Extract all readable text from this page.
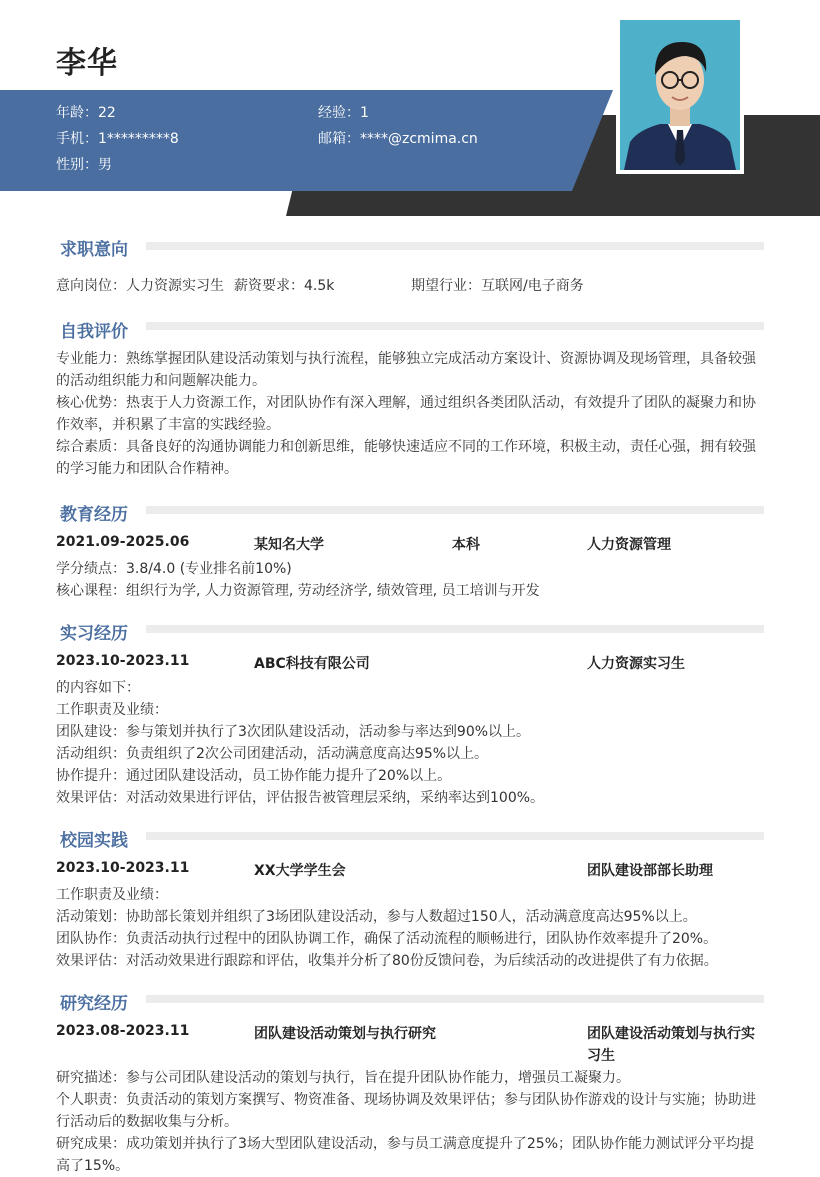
李华
年龄：22	经验：1
手机：1*********8	邮箱：****@zcmima.cn
性别：男
求职意向
意向岗位：人力资源实习生 薪资要求：4.5k	期望行业：互联网/电子商务
自我评价
专业能力：熟练掌握团队建设活动策划与执行流程，能够独立完成活动方案设计、资源协调及现场管理，具备较强的活动组织能力和问题解决能力。
核心优势：热衷于人力资源工作，对团队协作有深入理解，通过组织各类团队活动，有效提升了团队的凝聚力和协作效率，并积累了丰富的实践经验。
综合素质：具备良好的沟通协调能力和创新思维，能够快速适应不同的工作环境，积极主动，责任心强，拥有较强的学习能力和团队合作精神。
教育经历
2021.09-2025.06	某知名大学	本科	人力资源管理
学分绩点：3.8/4.0 (专业排名前10%)
核心课程：组织行为学, 人力资源管理, 劳动经济学, 绩效管理, 员工培训与开发
实习经历
2023.10-2023.11	ABC科技有限公司	人力资源实习生
的内容如下：
工作职责及业绩：
团队建设：参与策划并执行了3次团队建设活动，活动参与率达到90%以上。
活动组织：负责组织了2次公司团建活动，活动满意度高达95%以上。
协作提升：通过团队建设活动，员工协作能力提升了20%以上。
效果评估：对活动效果进行评估，评估报告被管理层采纳，采纳率达到100%。
校园实践
2023.10-2023.11	XX大学学生会	团队建设部部长助理
工作职责及业绩：
活动策划：协助部长策划并组织了3场团队建设活动，参与人数超过150人，活动满意度高达95%以上。
团队协作：负责活动执行过程中的团队协调工作，确保了活动流程的顺畅进行，团队协作效率提升了20%。
效果评估：对活动效果进行跟踪和评估，收集并分析了80份反馈问卷，为后续活动的改进提供了有力依据。
研究经历
2023.08-2023.11	团队建设活动策划与执行研究	团队建设活动策划与执行实习生
研究描述：参与公司团队建设活动的策划与执行，旨在提升团队协作能力，增强员工凝聚力。
个人职责：负责活动的策划方案撰写、物资准备、现场协调及效果评估；参与团队协作游戏的设计与实施；协助进行活动后的数据收集与分析。
研究成果：成功策划并执行了3场大型团队建设活动，参与员工满意度提升了25%；团队协作能力测试评分平均提高了15%。
